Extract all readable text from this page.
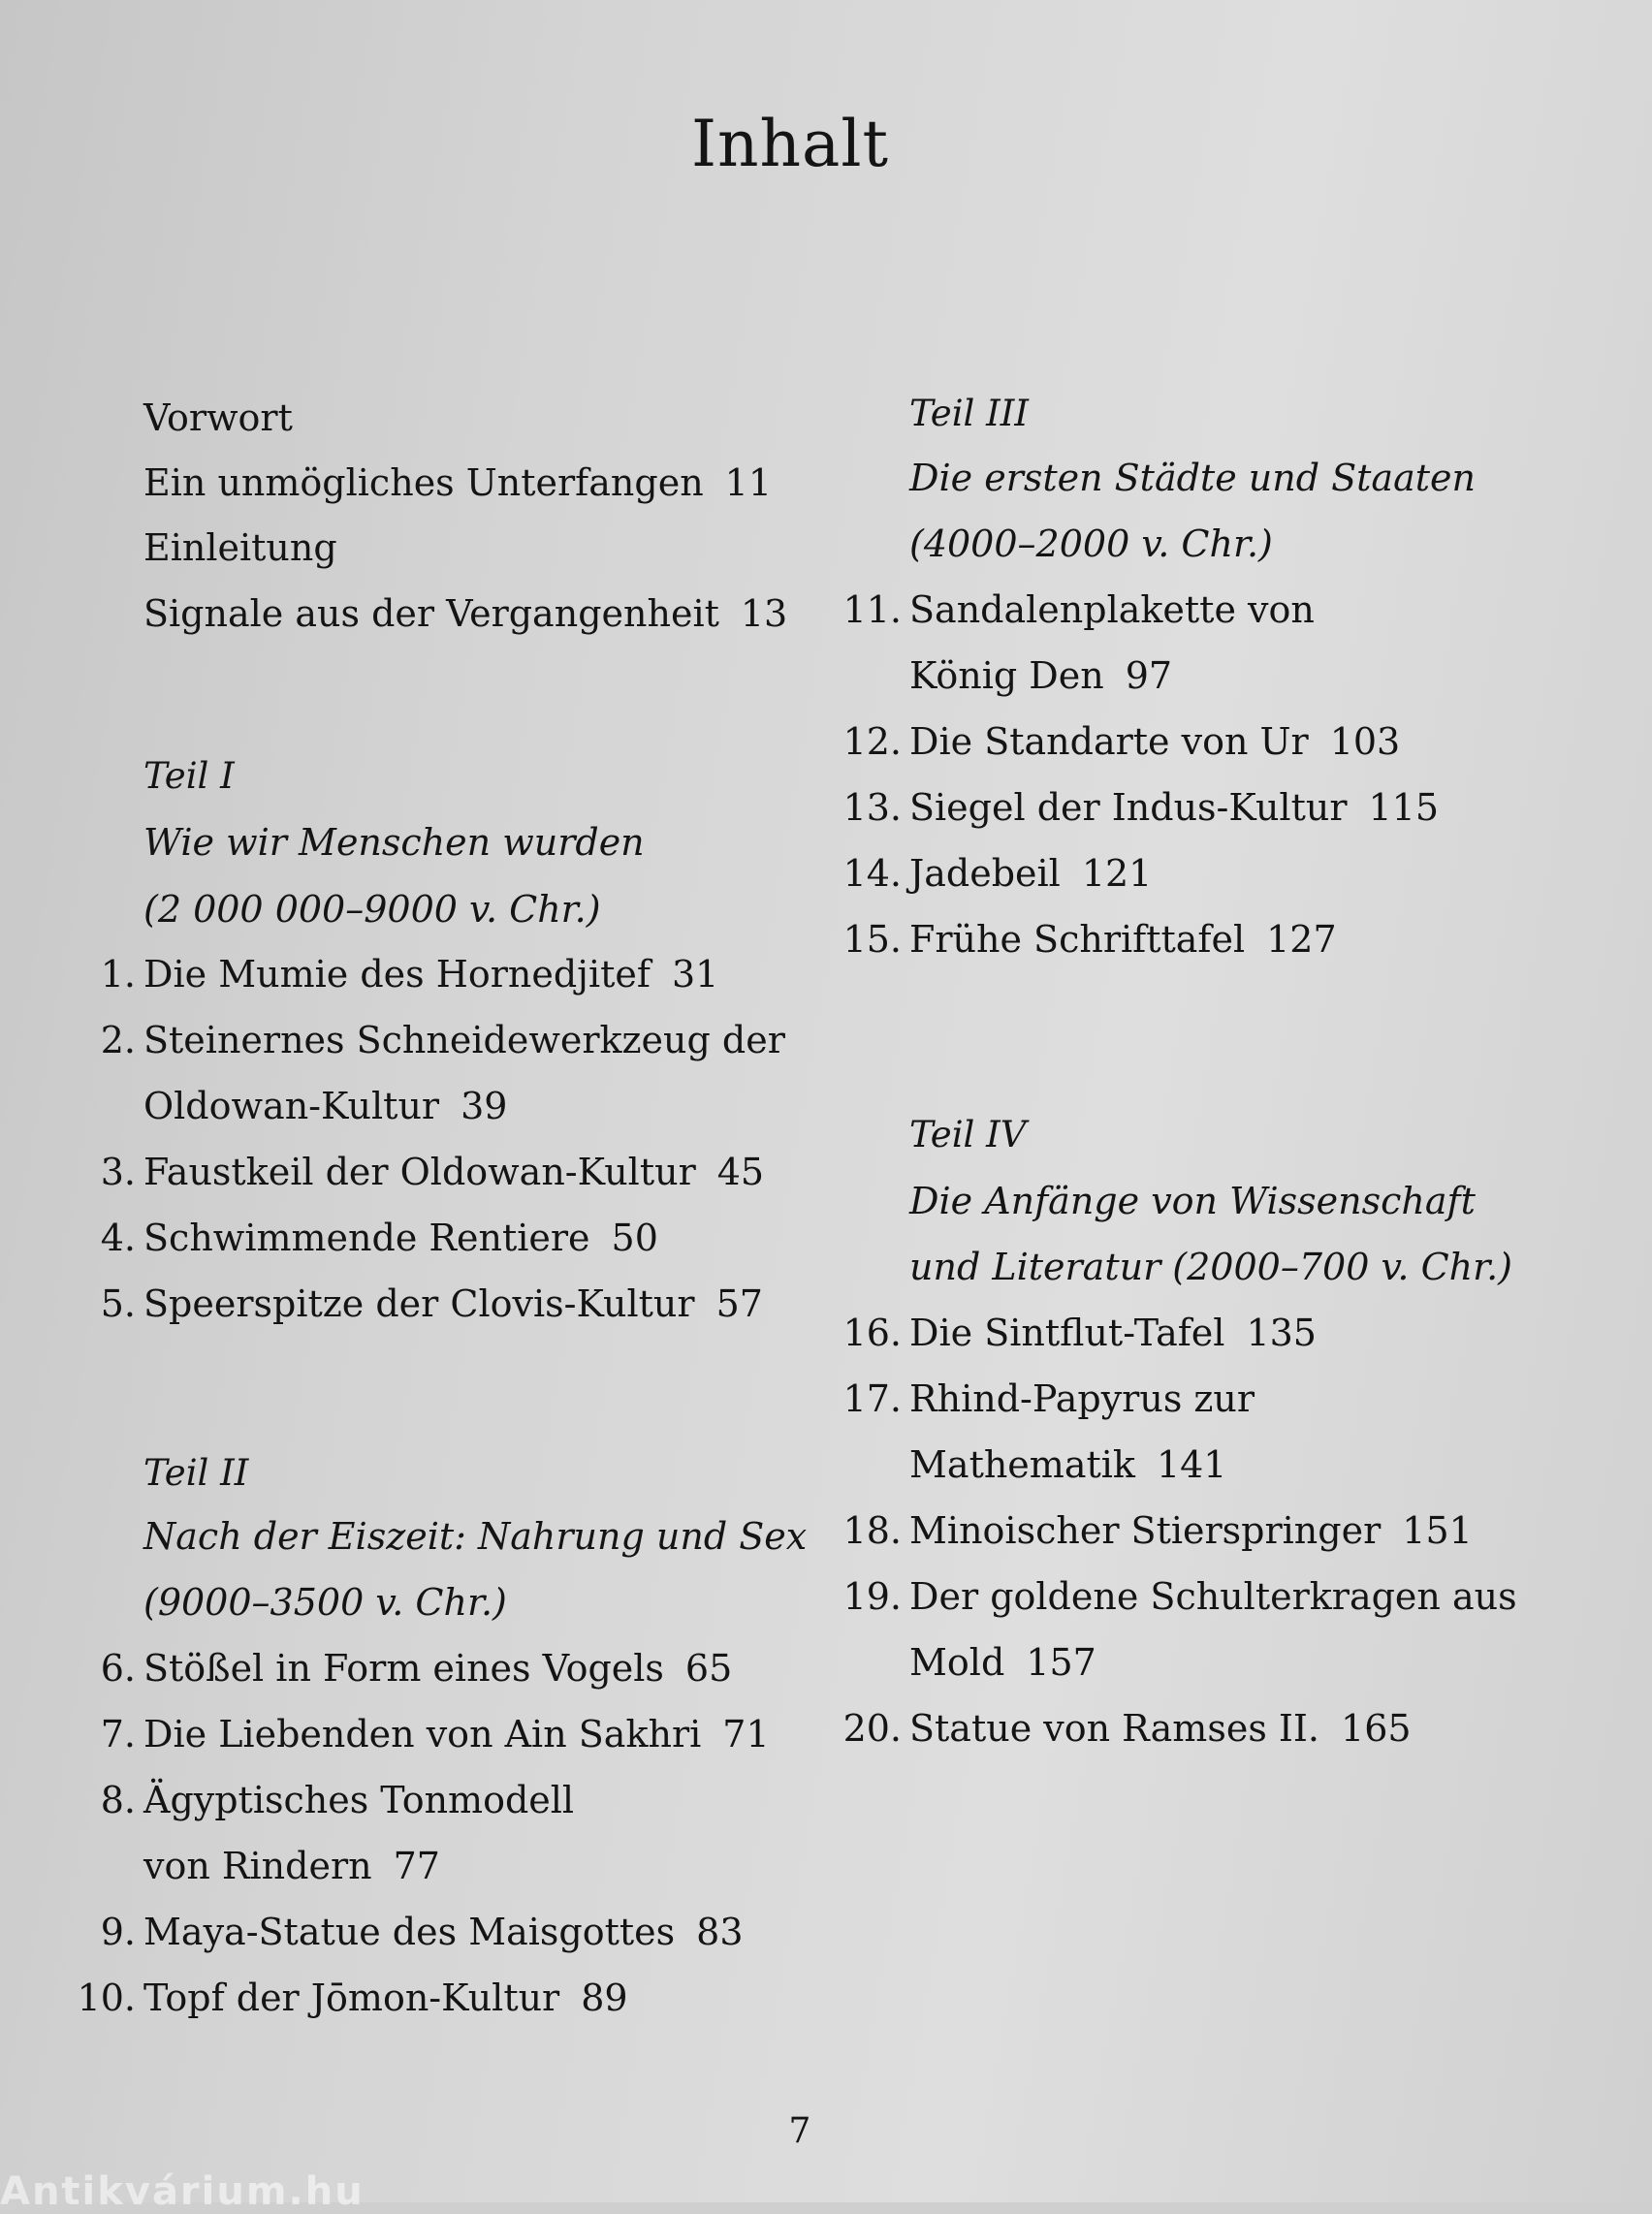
Inhalt
Vorwort
Ein unmögliches Unterfangen 11
Einleitung
Signale aus der Vergangenheit 13
Teil I
Wie wir Menschen wurden
(2 000 000–9000 v. Chr.)
1. Die Mumie des Hornedjitef 31
2. Steinernes Schneidewerkzeug der
Oldowan-Kultur 39
3. Faustkeil der Oldowan-Kultur 45
4. Schwimmende Rentiere 50
5. Speerspitze der Clovis-Kultur 57
Teil II
Nach der Eiszeit: Nahrung und Sex
(9000–3500 v. Chr.)
6. Stößel in Form eines Vogels 65
7. Die Liebenden von Ain Sakhri 71
8. Ägyptisches Tonmodell
von Rindern 77
9. Maya-Statue des Maisgottes 83
10. Topf der Jōmon-Kultur 89
Teil III
Die ersten Städte und Staaten
(4000–2000 v. Chr.)
11. Sandalenplakette von
König Den 97
12. Die Standarte von Ur 103
13. Siegel der Indus-Kultur 115
14. Jadebeil 121
15. Frühe Schrifttafel 127
Teil IV
Die Anfänge von Wissenschaft
und Literatur (2000–700 v. Chr.)
16. Die Sintflut-Tafel 135
17. Rhind-Papyrus zur
Mathematik 141
18. Minoischer Stierspringer 151
19. Der goldene Schulterkragen aus
Mold 157
20. Statue von Ramses II. 165
7
Antikvárium.hu
